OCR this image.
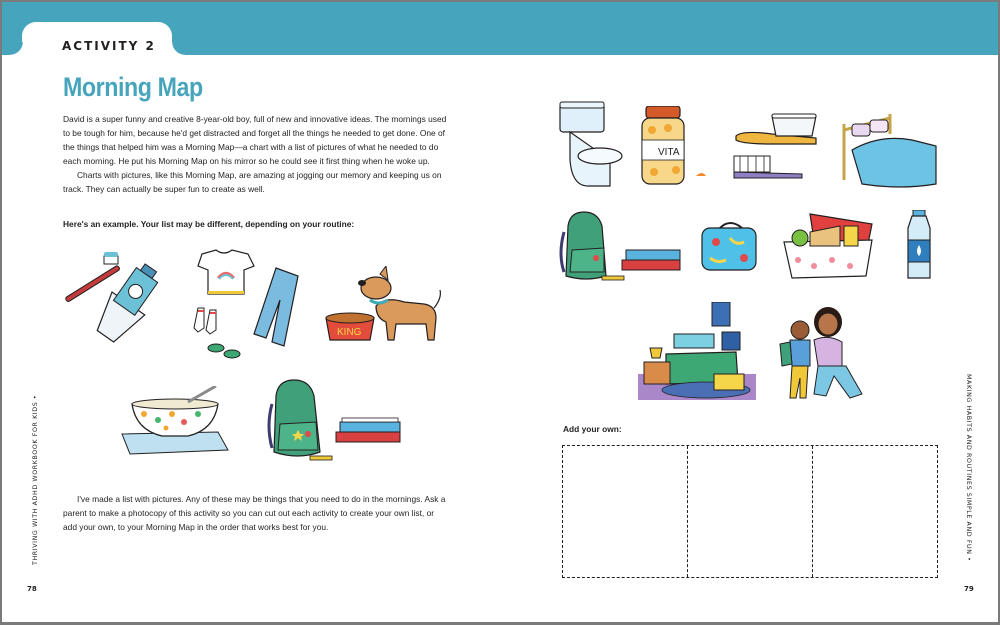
ACTIVITY 2
Morning Map

David is a super funny and creative 8-year-old boy, full of new and innovative ideas. The mornings used to be tough for him, because he'd get distracted and forget all the things he needed to get done. One of the things that helped him was a Morning Map—a chart with a list of pictures of what he needed to do each morning. He put his Morning Map on his mirror so he could see it first thing when he woke up.

Charts with pictures, like this Morning Map, are amazing at jogging our memory and keeping us on track. They can actually be super fun to create as well.

Here's an example. Your list may be different, depending on your routine:
KING
I've made a list with pictures. Any of these may be things that you need to do in the mornings. Ask a parent to make a photocopy of this activity so you can cut out each activity to create your own list, or add your own, to your Morning Map in the order that works best for you.
THRIVING WITH ADHD WORKBOOK FOR KIDS •
78
VITA
Add your own:	MAKING HABITS AND ROUTINES SIMPLE AND FUN •
79
